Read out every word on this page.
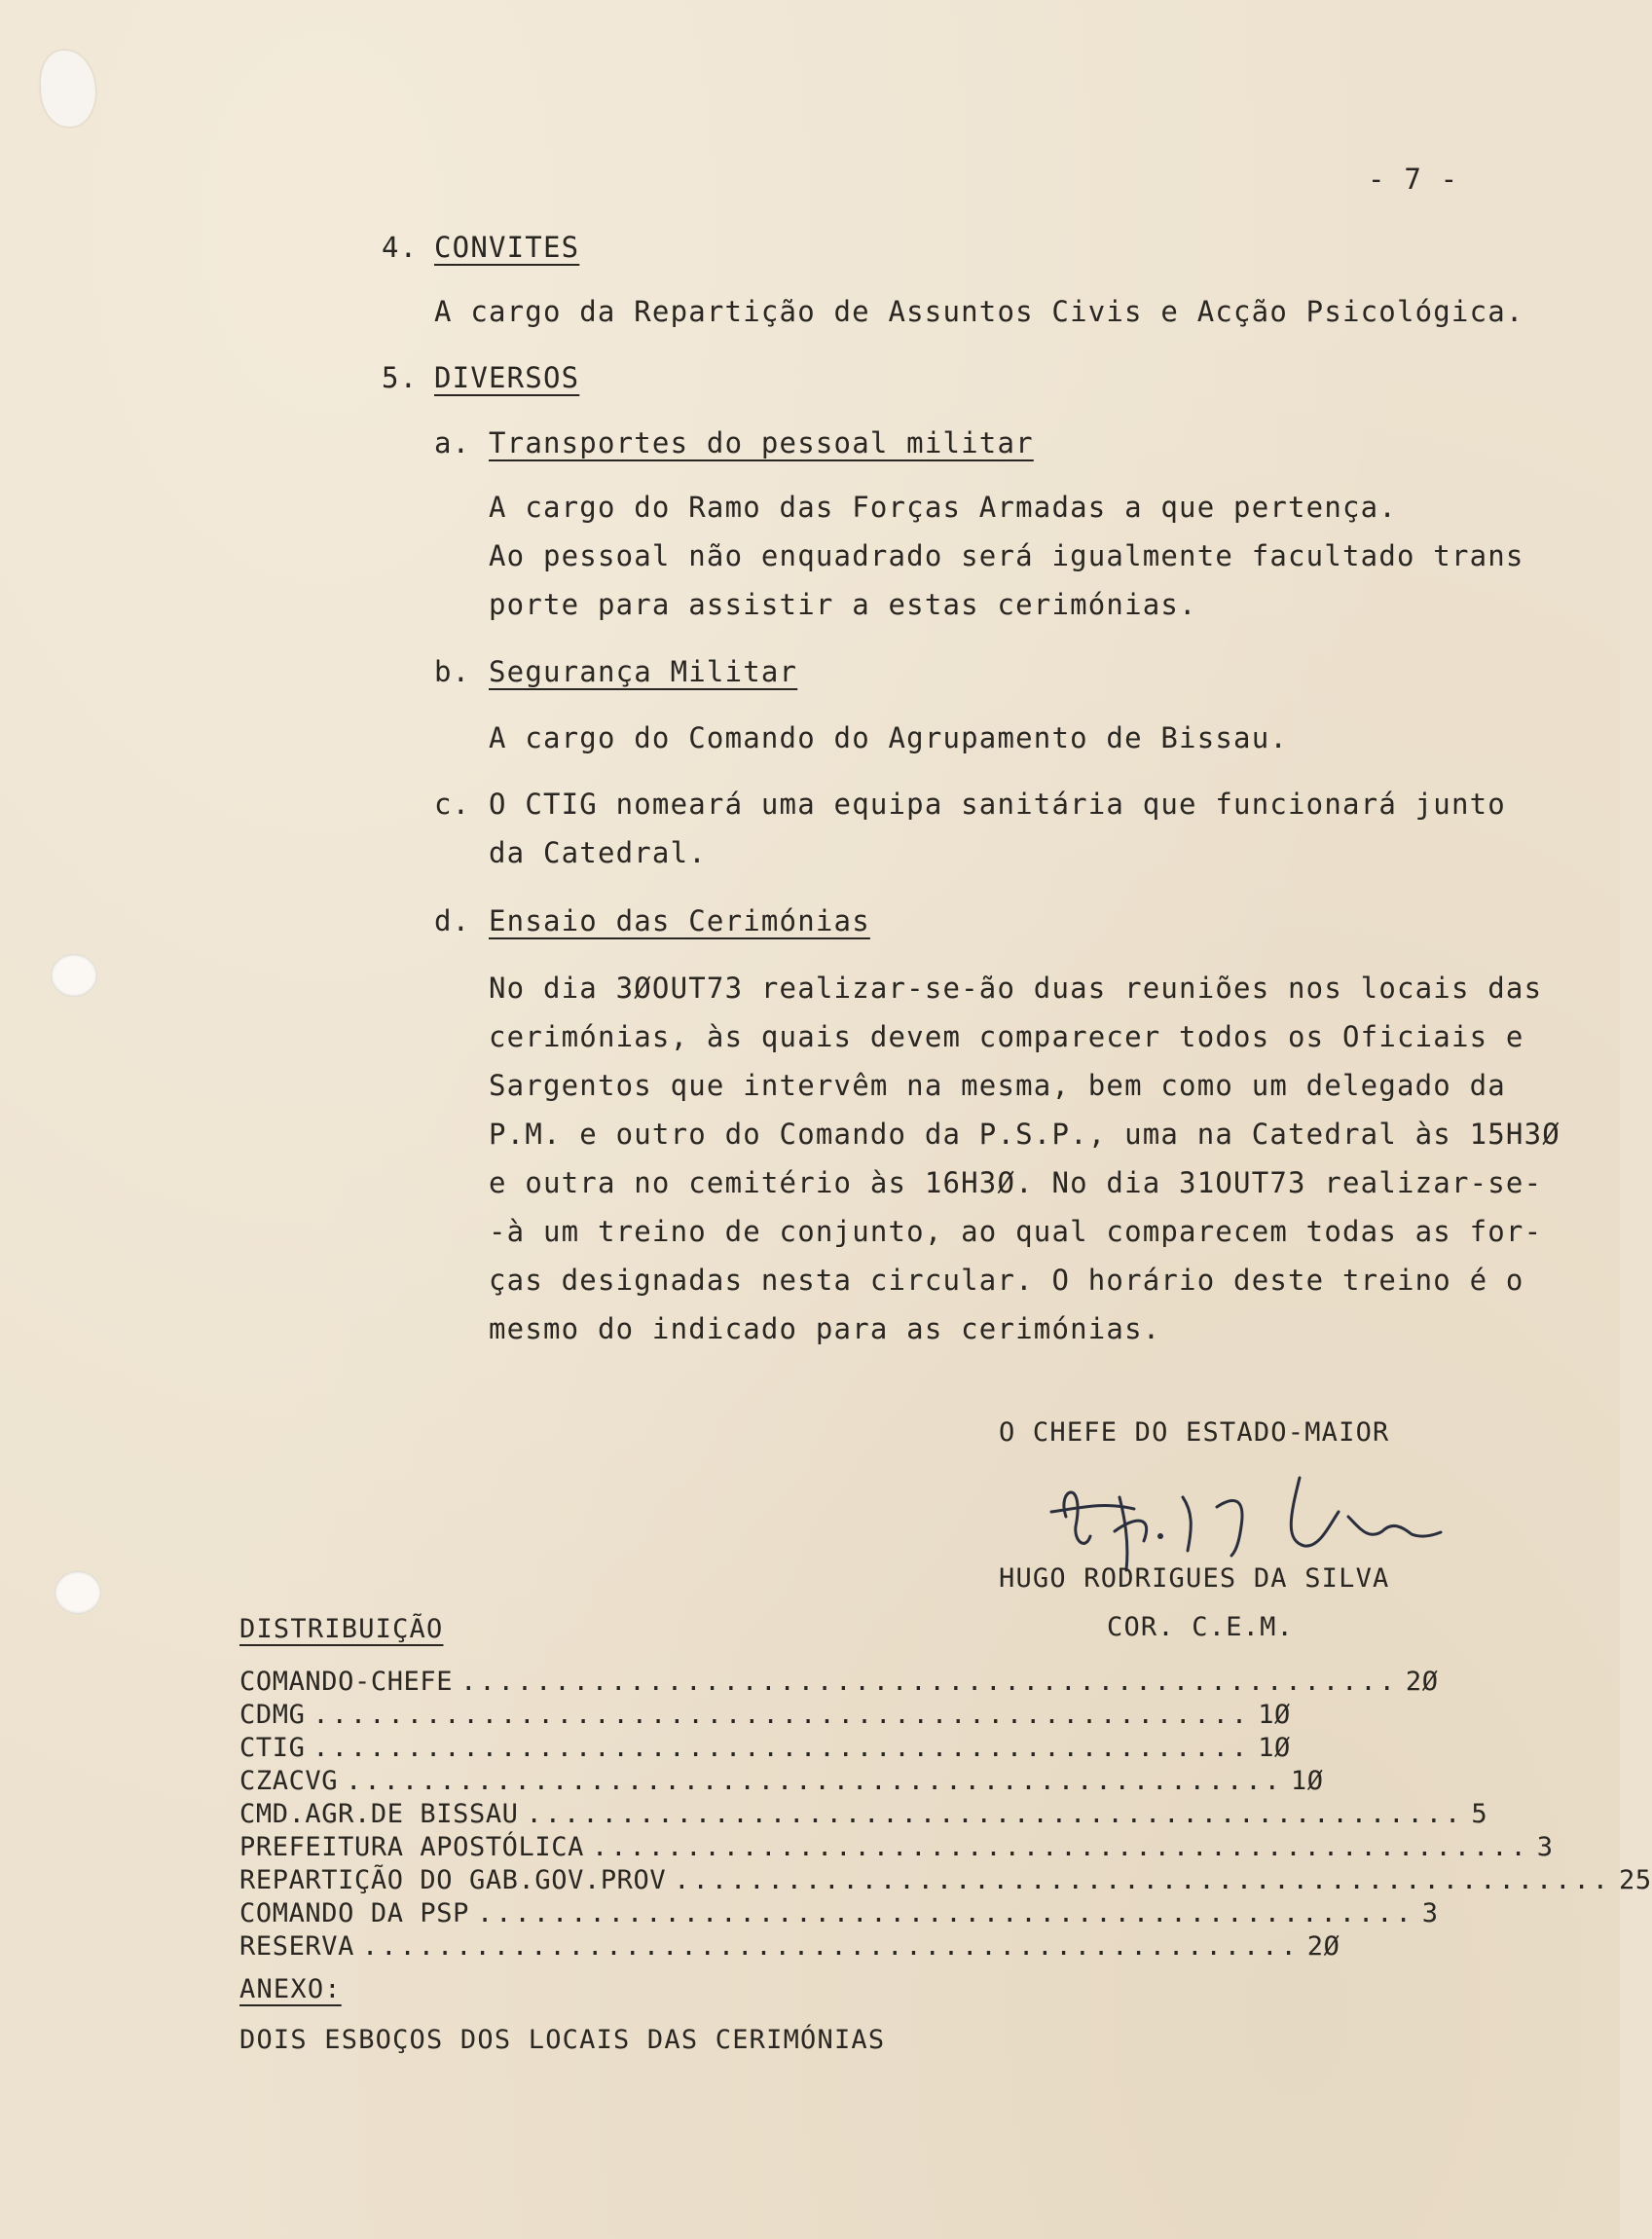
- 7 -
4. CONVITES
A cargo da Repartição de Assuntos Civis e Acção Psicológica.
5. DIVERSOS
a. Transportes do pessoal militar
A cargo do Ramo das Forças Armadas a que pertença.
Ao pessoal não enquadrado será igualmente facultado trans
porte para assistir a estas cerimónias.
b. Segurança Militar
A cargo do Comando do Agrupamento de Bissau.
c. O CTIG nomeará uma equipa sanitária que funcionará junto
da Catedral.
d. Ensaio das Cerimónias
No dia 3ØOUT73 realizar-se-ão duas reuniões nos locais das
cerimónias, às quais devem comparecer todos os Oficiais e
Sargentos que intervêm na mesma, bem como um delegado da
P.M. e outro do Comando da P.S.P., uma na Catedral às 15H3Ø
e outra no cemitério às 16H3Ø. No dia 31OUT73 realizar-se-
-à um treino de conjunto, ao qual comparecem todas as for-
ças designadas nesta circular. O horário deste treino é o
mesmo do indicado para as cerimónias.
O CHEFE DO ESTADO-MAIOR
HUGO RODRIGUES DA SILVA
COR. C.E.M.
DISTRIBUIÇÃO
COMANDO-CHEFE .................................................. 2Ø
CDMG .................................................. 1Ø
CTIG .................................................. 1Ø
CZACVG .................................................. 1Ø
CMD.AGR.DE BISSAU .................................................. 5
PREFEITURA APOSTÓLICA .................................................. 3
REPARTIÇÃO DO GAB.GOV.PROV .................................................. 25
COMANDO DA PSP .................................................. 3
RESERVA .................................................. 2Ø
ANEXO:
DOIS ESBOÇOS DOS LOCAIS DAS CERIMÓNIAS
